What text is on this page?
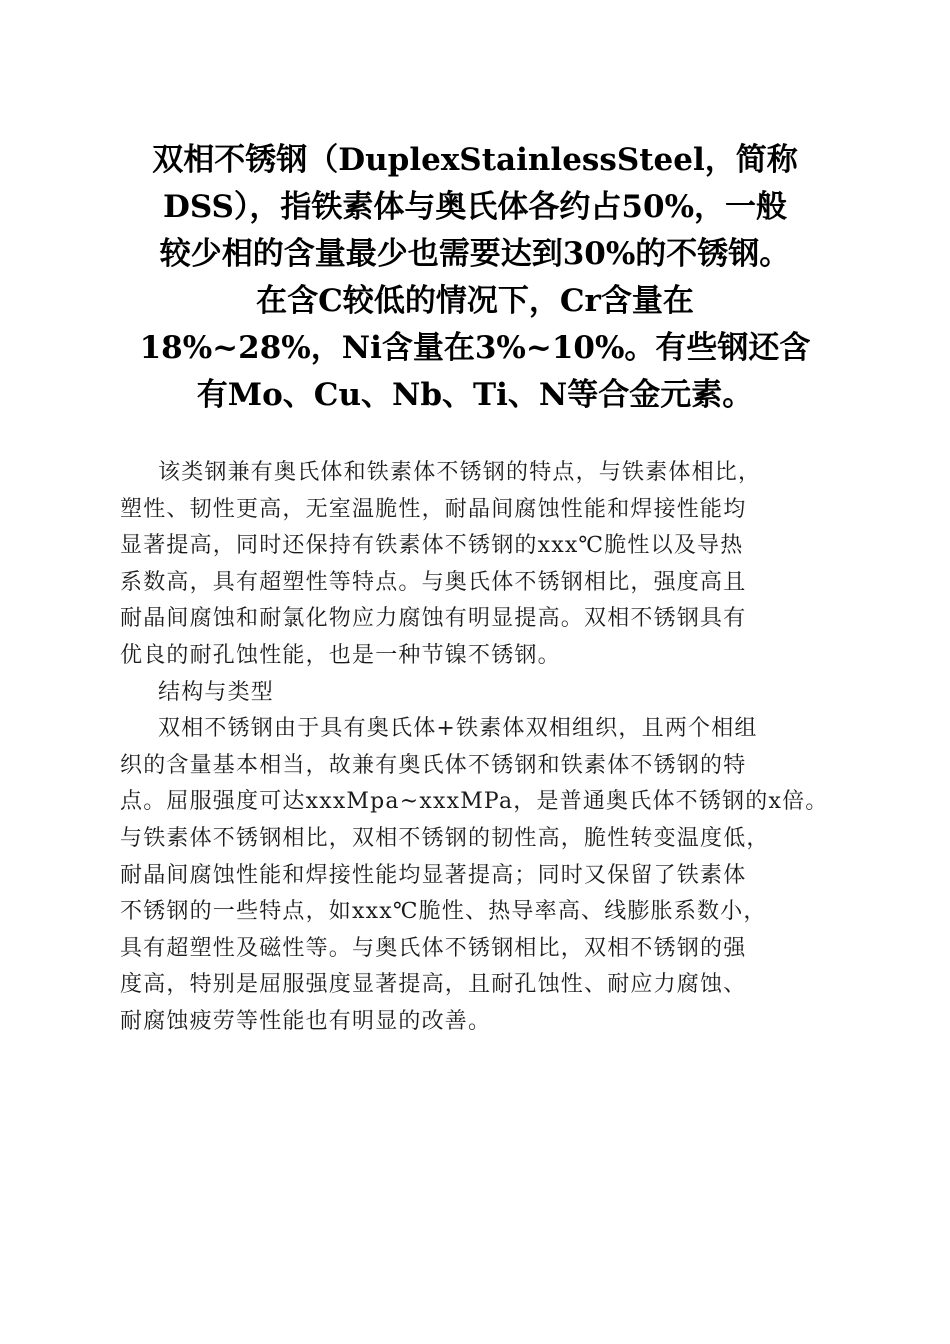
双相不锈钢（DuplexStainlessSteel，简称
DSS），指铁素体与奥氏体各约占50%，一般
较少相的含量最少也需要达到30%的不锈钢。
在含C较低的情况下，Cr含量在
18%~28%，Ni含量在3%~10%。有些钢还含
有Mo、Cu、Nb、Ti、N等合金元素。
该类钢兼有奥氏体和铁素体不锈钢的特点，与铁素体相比，
塑性、韧性更高，无室温脆性，耐晶间腐蚀性能和焊接性能均
显著提高，同时还保持有铁素体不锈钢的xxx℃脆性以及导热
系数高，具有超塑性等特点。与奥氏体不锈钢相比，强度高且
耐晶间腐蚀和耐氯化物应力腐蚀有明显提高。双相不锈钢具有
优良的耐孔蚀性能，也是一种节镍不锈钢。
结构与类型
双相不锈钢由于具有奥氏体+铁素体双相组织，且两个相组
织的含量基本相当，故兼有奥氏体不锈钢和铁素体不锈钢的特
点。屈服强度可达xxxMpa~xxxMPa，是普通奥氏体不锈钢的x倍。
与铁素体不锈钢相比，双相不锈钢的韧性高，脆性转变温度低，
耐晶间腐蚀性能和焊接性能均显著提高；同时又保留了铁素体
不锈钢的一些特点，如xxx℃脆性、热导率高、线膨胀系数小，
具有超塑性及磁性等。与奥氏体不锈钢相比，双相不锈钢的强
度高，特别是屈服强度显著提高，且耐孔蚀性、耐应力腐蚀、
耐腐蚀疲劳等性能也有明显的改善。
